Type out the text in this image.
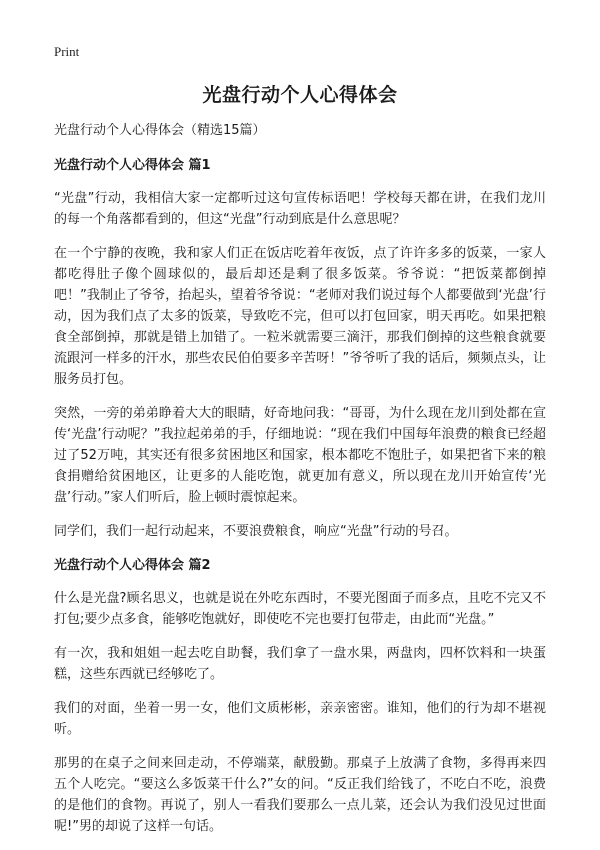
Print
光盘行动个人心得体会
光盘行动个人心得体会（精选15篇）
光盘行动个人心得体会 篇1

“光盘”行动，我相信大家一定都听过这句宣传标语吧！学校每天都在讲，在我们龙川的每一个角落都看到的，但这“光盘”行动到底是什么意思呢？

在一个宁静的夜晚，我和家人们正在饭店吃着年夜饭，点了许许多多的饭菜，一家人都吃得肚子像个圆球似的，最后却还是剩了很多饭菜。爷爷说：“把饭菜都倒掉吧！”我制止了爷爷，抬起头，望着爷爷说：“老师对我们说过每个人都要做到‘光盘’行动，因为我们点了太多的饭菜，导致吃不完，但可以打包回家，明天再吃。如果把粮食全部倒掉，那就是错上加错了。一粒米就需要三滴汗，那我们倒掉的这些粮食就要流跟河一样多的汗水，那些农民伯伯要多辛苦呀！”爷爷听了我的话后，频频点头，让服务员打包。

突然，一旁的弟弟睁着大大的眼睛，好奇地问我：“哥哥，为什么现在龙川到处都在宣传‘光盘’行动呢？”我拉起弟弟的手，仔细地说：“现在我们中国每年浪费的粮食已经超过了52万吨，其实还有很多贫困地区和国家，根本都吃不饱肚子，如果把省下来的粮食捐赠给贫困地区，让更多的人能吃饱，就更加有意义，所以现在龙川开始宣传‘光盘’行动。”家人们听后，脸上顿时震惊起来。

同学们，我们一起行动起来，不要浪费粮食，响应“光盘”行动的号召。

光盘行动个人心得体会 篇2

什么是光盘?顾名思义，也就是说在外吃东西时，不要光图面子而多点，且吃不完又不打包;要少点多食，能够吃饱就好，即使吃不完也要打包带走，由此而“光盘。”

有一次，我和姐姐一起去吃自助餐，我们拿了一盘水果，两盘肉，四杯饮料和一块蛋糕，这些东西就已经够吃了。

我们的对面，坐着一男一女，他们文质彬彬，亲亲密密。谁知，他们的行为却不堪视听。

那男的在桌子之间来回走动，不停端菜，献殷勤。那桌子上放满了食物，多得再来四五个人吃完。“要这么多饭菜干什么?”女的问。“反正我们给钱了，不吃白不吃，浪费的是他们的食物。再说了，别人一看我们要那么一点儿菜，还会认为我们没见过世面呢!”男的却说了这样一句话。
